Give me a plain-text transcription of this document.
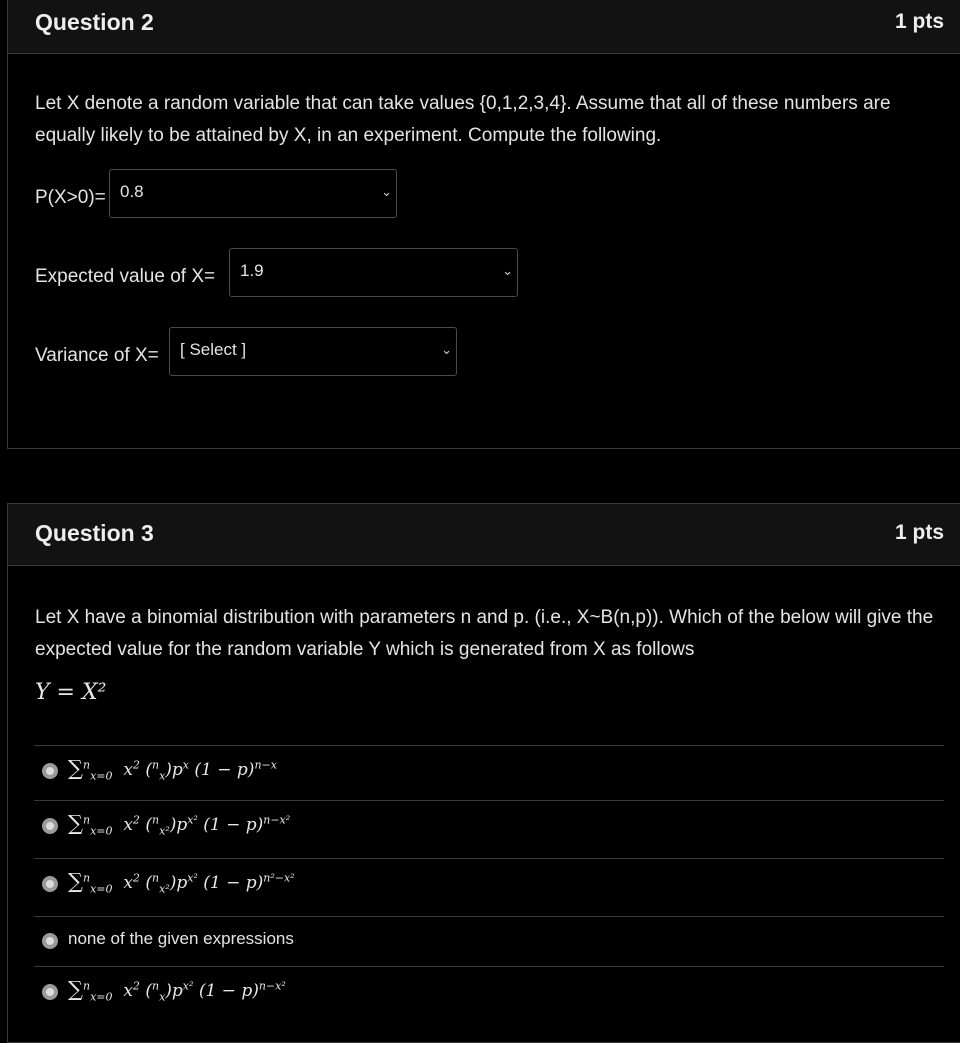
Question 2	1 pts
Let X denote a random variable that can take values {0,1,2,3,4}. Assume that all of these numbers are equally likely to be attained by X, in an experiment. Compute the following.
P(X>0)= 0.8	⌄
Expected value of X= 1.9	⌄
Variance of X= [ Select ]	⌄
Question 3	1 pts
Let X have a binomial distribution with parameters n and p. (i.e., X~B(n,p)). Which of the below will give the expected value for the random variable Y which is generated from X as follows
Y = X²
∑$^n_{x=0}$  $x^2$ $(^n_x)p^x$ $(1 - p)^{n-x}$
∑$^n_{x=0}$  $x^2$ $(^n_{x^2})p^{x^2}$ $(1 - p)^{n-x^2}$
∑$^n_{x=0}$  $x^2$ $(^n_{x^2})p^{x^2}$ $(1 - p)^{n^2-x^2}$
none of the given expressions
∑$^n_{x=0}$  $x^2$ $(^n_x)p^{x^2}$ $(1 - p)^{n-x^2}$
